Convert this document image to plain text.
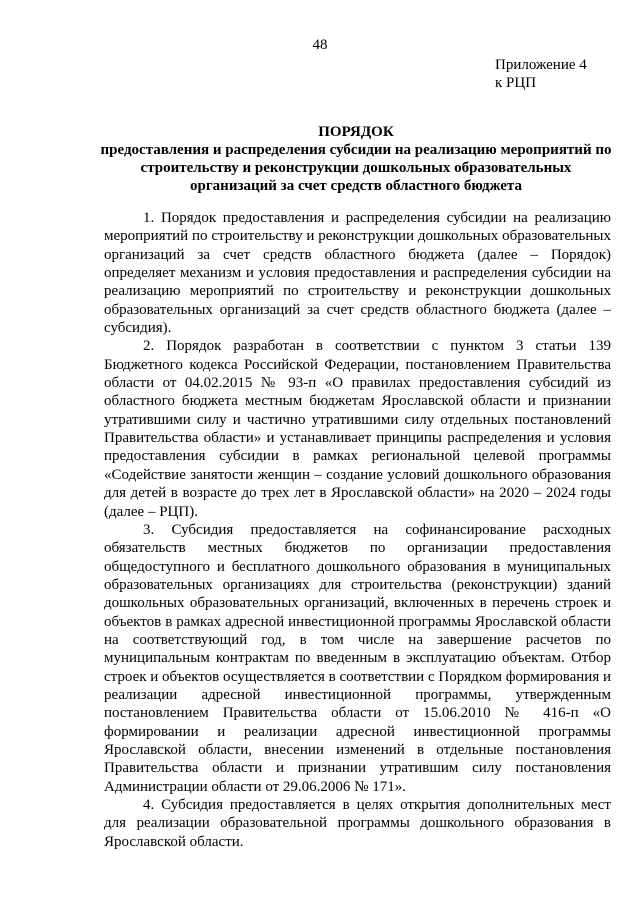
48
Приложение 4
к РЦП
ПОРЯДОК
предоставления и распределения субсидии на реализацию мероприятий по строительству и реконструкции дошкольных образовательных организаций за счет средств областного бюджета

1. Порядок предоставления и распределения субсидии на реализацию мероприятий по строительству и реконструкции дошкольных образовательных организаций за счет средств областного бюджета (далее – Порядок) определяет механизм и условия предоставления и распределения субсидии на реализацию мероприятий по строительству и реконструкции дошкольных образовательных организаций за счет средств областного бюджета (далее – субсидия).

2. Порядок разработан в соответствии с пунктом 3 статьи 139 Бюджетного кодекса Российской Федерации, постановлением Правительства области от 04.02.2015 № 93-п «О правилах предоставления субсидий из областного бюджета местным бюджетам Ярославской области и признании утратившими силу и частично утратившими силу отдельных постановлений Правительства области» и устанавливает принципы распределения и условия предоставления субсидии в рамках региональной целевой программы «Содействие занятости женщин – создание условий дошкольного образования для детей в возрасте до трех лет в Ярославской области» на 2020 – 2024 годы (далее – РЦП).

3. Субсидия предоставляется на софинансирование расходных обязательств местных бюджетов по организации предоставления общедоступного и бесплатного дошкольного образования в муниципальных образовательных организациях для строительства (реконструкции) зданий дошкольных образовательных организаций, включенных в перечень строек и объектов в рамках адресной инвестиционной программы Ярославской области на соответствующий год, в том числе на завершение расчетов по муниципальным контрактам по введенным в эксплуатацию объектам. Отбор строек и объектов осуществляется в соответствии с Порядком формирования и реализации адресной инвестиционной программы, утвержденным постановлением Правительства области от 15.06.2010 № 416-п «О формировании и реализации адресной инвестиционной программы Ярославской области, внесении изменений в отдельные постановления Правительства области и признании утратившим силу постановления Администрации области от 29.06.2006 № 171».

4. Субсидия предоставляется в целях открытия дополнительных мест для реализации образовательной программы дошкольного образования в Ярославской области.
